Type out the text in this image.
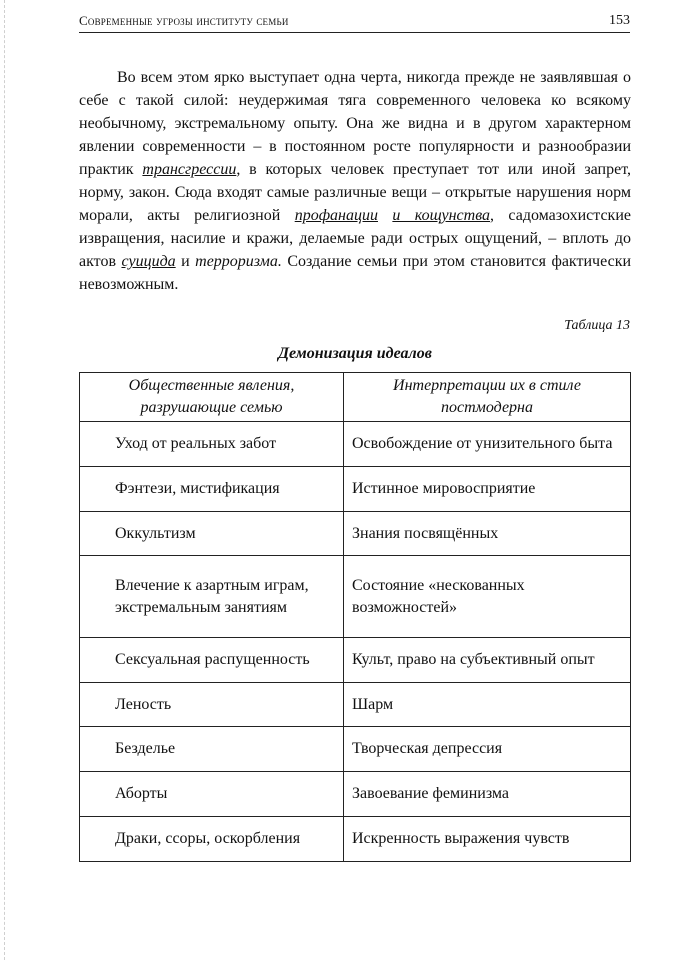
Современные угрозы институту семьи	153

Во всем этом ярко выступает одна черта, никогда прежде не заявлявшая о себе с такой силой: неудержимая тяга современного человека ко всякому необычному, экстремальному опыту. Она же видна и в другом характерном явлении современности – в постоянном росте популярности и разнообразии практик трансгрессии, в которых человек преступает тот или иной запрет, норму, закон. Сюда входят самые различные вещи – открытые нарушения норм морали, акты религиозной профанации и кощунства, садомазохистские извращения, насилие и кражи, делаемые ради острых ощущений, – вплоть до актов суицида и терроризма. Создание семьи при этом становится фактически невозможным.

Таблица 13
Демонизация идеалов
Общественные явления, разрушающие семью	Интерпретации их в стиле постмодерна
Уход от реальных забот	Освобождение от унизительного быта
Фэнтези, мистификация	Истинное мировосприятие
Оккультизм	Знания посвящённых
Влечение к азартным играм, экстремальным занятиям	Состояние «нескованных возможностей»
Сексуальная распущенность	Культ, право на субъективный опыт
Леность	Шарм
Безделье	Творческая депрессия
Аборты	Завоевание феминизма
Драки, ссоры, оскорбления	Искренность выражения чувств
